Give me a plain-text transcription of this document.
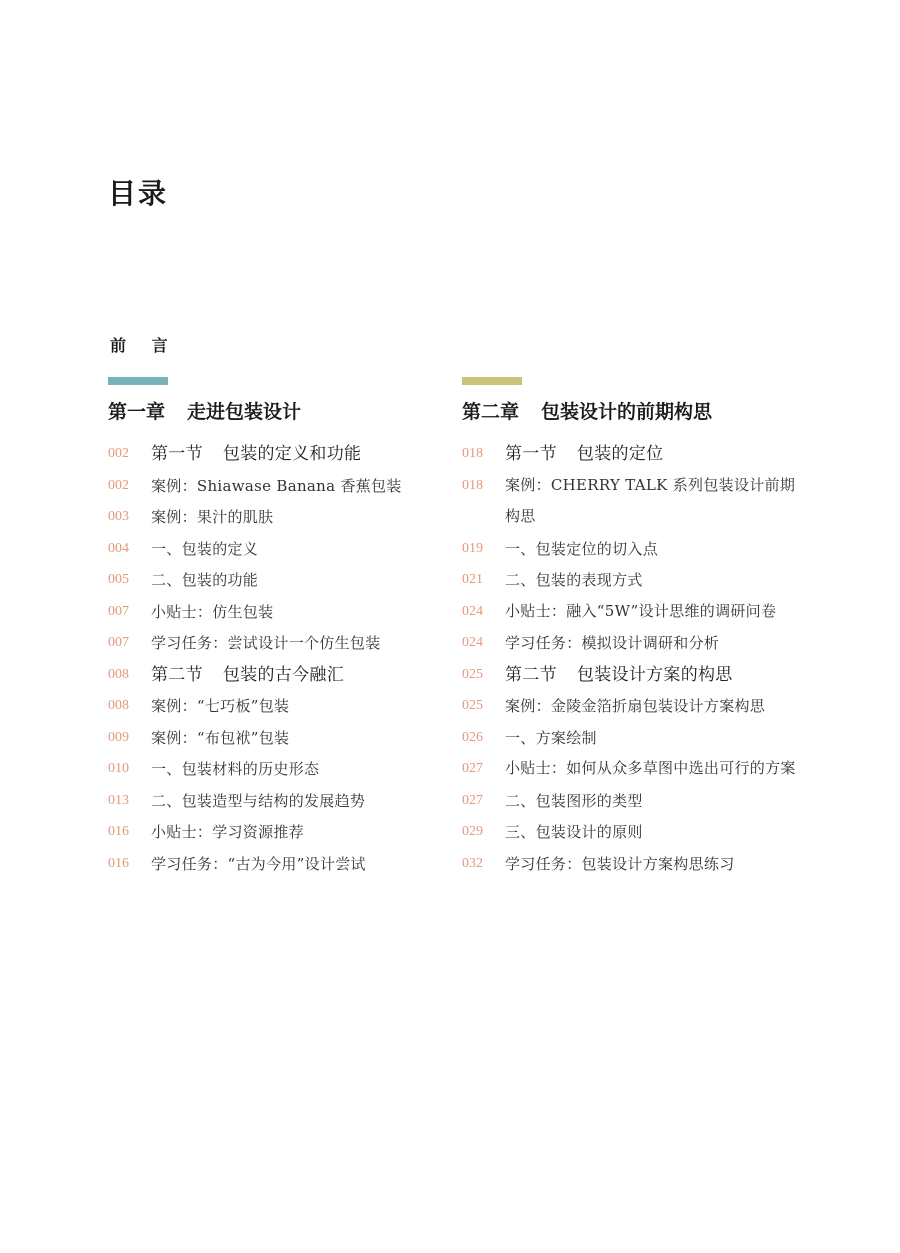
目录
前 言
第一章 走进包装设计
002	第一节 包装的定义和功能
002	案例：Shiawase Banana 香蕉包装
003	案例：果汁的肌肤
004	一、包装的定义
005	二、包装的功能
007	小贴士：仿生包装
007	学习任务：尝试设计一个仿生包装
008	第二节 包装的古今融汇
008	案例：“七巧板”包装
009	案例：“布包袱”包装
010	一、包装材料的历史形态
013	二、包装造型与结构的发展趋势
016	小贴士：学习资源推荐
016	学习任务：“古为今用”设计尝试
第二章 包装设计的前期构思
018	第一节 包装的定位
018	案例：CHERRY TALK 系列包装设计前期构思
019	一、包装定位的切入点
021	二、包装的表现方式
024	小贴士：融入“5W”设计思维的调研问卷
024	学习任务：模拟设计调研和分析
025	第二节 包装设计方案的构思
025	案例：金陵金箔折扇包装设计方案构思
026	一、方案绘制
027	小贴士：如何从众多草图中选出可行的方案
027	二、包装图形的类型
029	三、包装设计的原则
032	学习任务：包装设计方案构思练习
